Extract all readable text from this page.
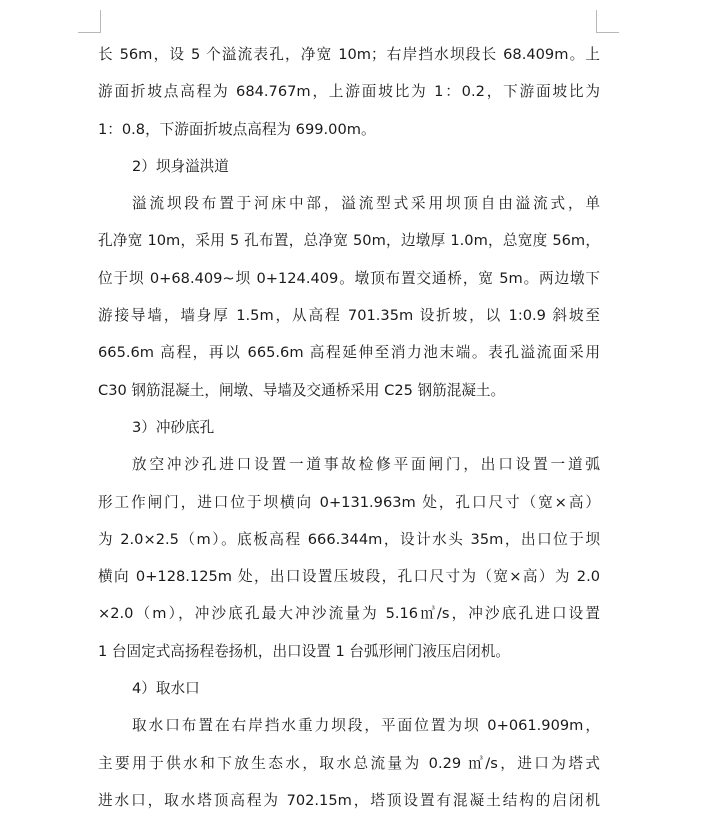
长 56m，设 5 个溢流表孔，净宽 10m；右岸挡水坝段长 68.409m。上
游面折坡点高程为 684.767m，上游面坡比为 1：0.2，下游面坡比为
1：0.8，下游面折坡点高程为 699.00m。
2）坝身溢洪道
溢流坝段布置于河床中部，溢流型式采用坝顶自由溢流式，单
孔净宽 10m，采用 5 孔布置，总净宽 50m，边墩厚 1.0m，总宽度 56m，
位于坝 0+68.409~坝 0+124.409。墩顶布置交通桥，宽 5m。两边墩下
游接导墙，墙身厚 1.5m，从高程 701.35m 设折坡，以 1:0.9 斜坡至
665.6m 高程，再以 665.6m 高程延伸至消力池末端。表孔溢流面采用
C30 钢筋混凝土，闸墩、导墙及交通桥采用 C25 钢筋混凝土。
3）冲砂底孔
放空冲沙孔进口设置一道事故检修平面闸门，出口设置一道弧
形工作闸门，进口位于坝横向 0+131.963m 处，孔口尺寸（宽×高）
为 2.0×2.5（m）。底板高程 666.344m，设计水头 35m，出口位于坝
横向 0+128.125m 处，出口设置压坡段，孔口尺寸为（宽×高）为 2.0
×2.0（m），冲沙底孔最大冲沙流量为 5.16㎥/s，冲沙底孔进口设置
1 台固定式高扬程卷扬机，出口设置 1 台弧形闸门液压启闭机。
4）取水口
取水口布置在右岸挡水重力坝段，平面位置为坝 0+061.909m，
主要用于供水和下放生态水，取水总流量为 0.29 ㎥/s，进口为塔式
进水口，取水塔顶高程为 702.15m，塔顶设置有混凝土结构的启闭机
